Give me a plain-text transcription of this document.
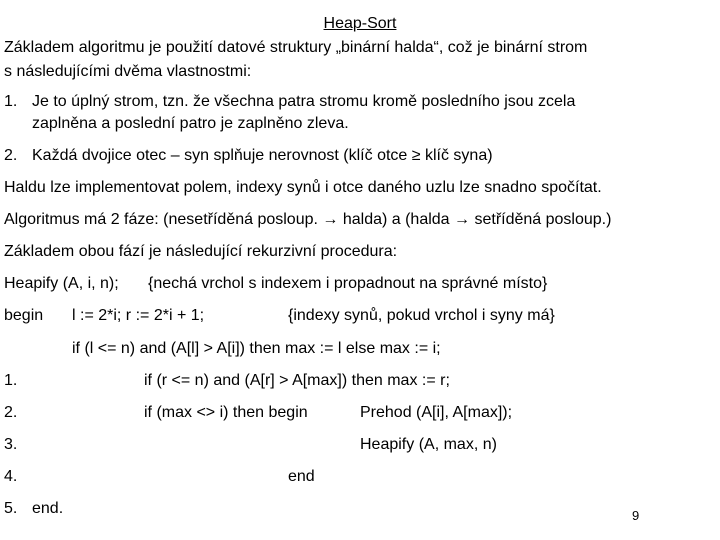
Heap-Sort
Základem algoritmu je použití datové struktury „binární halda“, což je binární strom
s následujícími dvěma vlastnostmi:
1. Je to úplný strom, tzn. že všechna patra stromu kromě posledního jsou zcela
zaplněna a poslední patro je zaplněno zleva.
2. Každá dvojice otec – syn splňuje nerovnost (klíč otce ≥ klíč syna)
Haldu lze implementovat polem, indexy synů i otce daného uzlu lze snadno spočítat.
Algoritmus má 2 fáze: (nesetříděná posloup. → halda) a (halda → setříděná posloup.)
Základem obou fází je následující rekurzivní procedura:
Heapify (A, i, n); {nechá vrchol s indexem i propadnout na správné místo}
begin l := 2*i; r := 2*i + 1;	{indexy synů, pokud vrchol i syny má}
if (l <= n) and (A[l] > A[i]) then max := l else max := i;
1.	if (r <= n) and (A[r] > A[max]) then max := r;
2.	if (max <> i) then begin	Prehod (A[i], A[max]);
3.	Heapify (A, max, n)
4.	end
5. end.	9
